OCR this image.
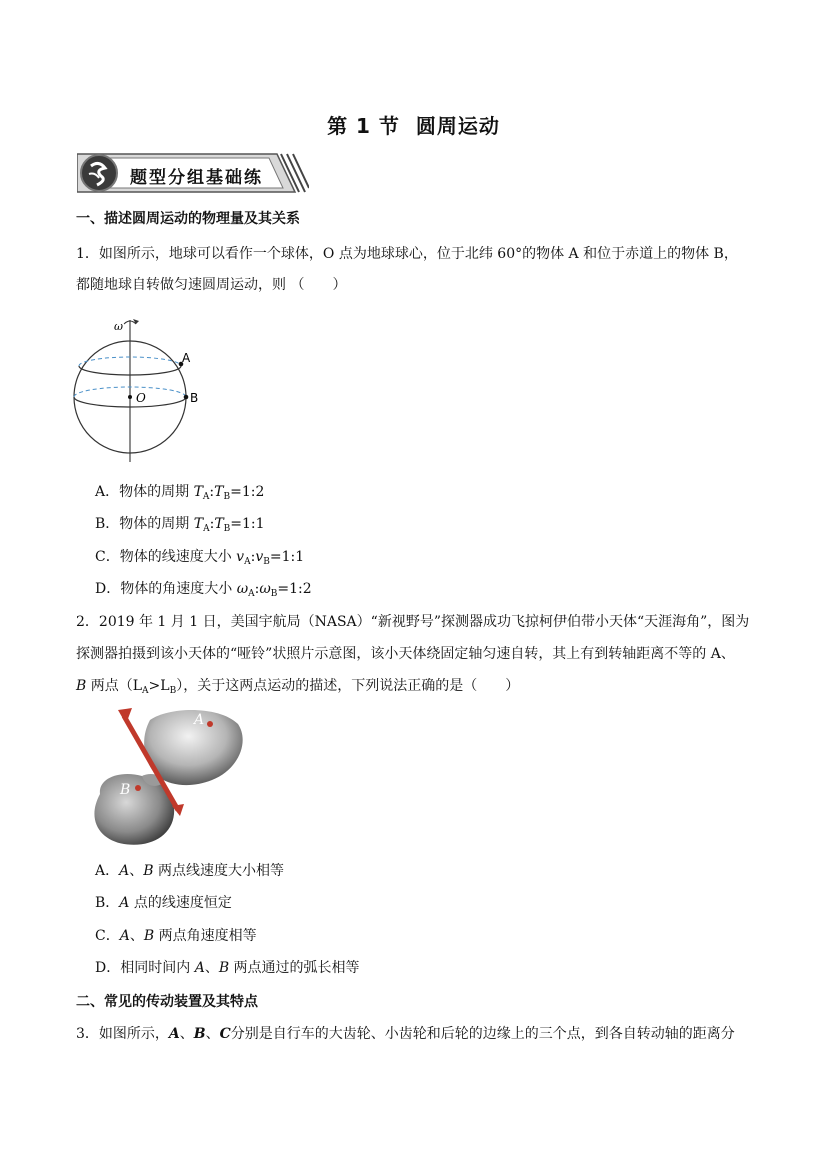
第 1 节 圆周运动
题型分组基础练
一、描述圆周运动的物理量及其关系
1．如图所示，地球可以看作一个球体，O 点为地球球心，位于北纬 60°的物体 A 和位于赤道上的物体 B，
都随地球自转做匀速圆周运动，则 （　　）
ω
A
B
O
A．物体的周期 $T_A:T_B=1:2$
B．物体的周期 $T_A:T_B=1:1$
C．物体的线速度大小 $v_A:v_B=1:1$
D．物体的角速度大小 $\omega_A:\omega_B=1:2$
2．2019 年 1 月 1 日，美国宇航局（NASA）“新视野号”探测器成功飞掠柯伊伯带小天体“天涯海角”，图为
探测器拍摄到该小天体的“哑铃”状照片示意图，该小天体绕固定轴匀速自转，其上有到转轴距离不等的 A、
B 两点$(L_A>L_B)$，关于这两点运动的描述，下列说法正确的是（　　）
A
B
A．A、B 两点线速度大小相等
B．A 点的线速度恒定
C．A、B 两点角速度相等
D．相同时间内 A、B 两点通过的弧长相等
二、常见的传动装置及其特点
3．如图所示，A、B、C分别是自行车的大齿轮、小齿轮和后轮的边缘上的三个点，到各自转动轴的距离分
